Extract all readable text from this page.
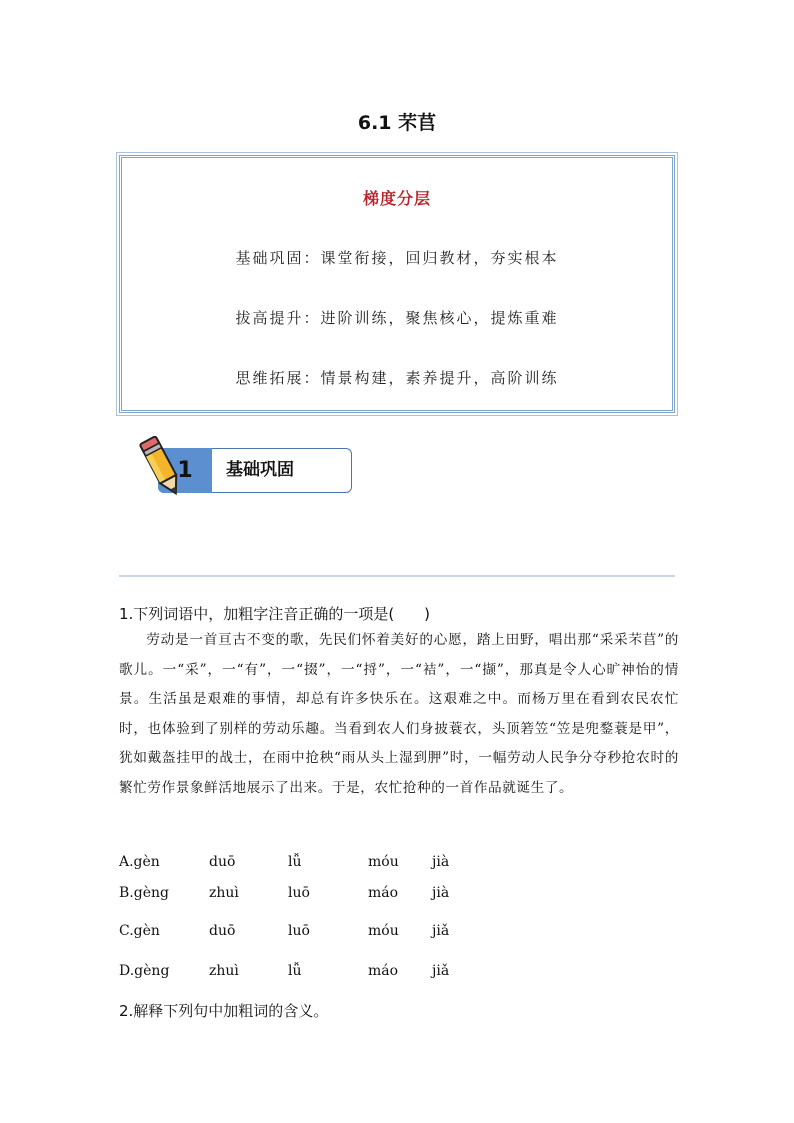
6.1 芣苢
梯度分层
基础巩固：课堂衔接，回归教材，夯实根本
拔高提升：进阶训练，聚焦核心，提炼重难
思维拓展：情景构建，素养提升，高阶训练
1	基础巩固
1.下列词语中，加粗字注音正确的一项是(　　)
劳动是一首亘古不变的歌，先民们怀着美好的心愿，踏上田野，唱出那“采采芣苢”的歌儿。一“采”，一“有”，一“掇”，一“捋”，一“袺”，一“撷”，那真是令人心旷神怡的情景。生活虽是艰难的事情，却总有许多快乐在。这艰难之中。而杨万里在看到农民农忙时，也体验到了别样的劳动乐趣。当看到农人们身披蓑衣，头顶箬笠“笠是兜鍪蓑是甲”，犹如戴盔挂甲的战士，在雨中抢秧“雨从头上湿到胛”时，一幅劳动人民争分夺秒抢农时的繁忙劳作景象鲜活地展示了出来。于是，农忙抢种的一首作品就诞生了。
A.gèn	duō	lǚ	móu jià
B.gèng	zhuì	luō	máo jià
C.gèn	duō	luō	móu jiǎ
D.gèng	zhuì	lǚ	máo jiǎ
2.解释下列句中加粗词的含义。
